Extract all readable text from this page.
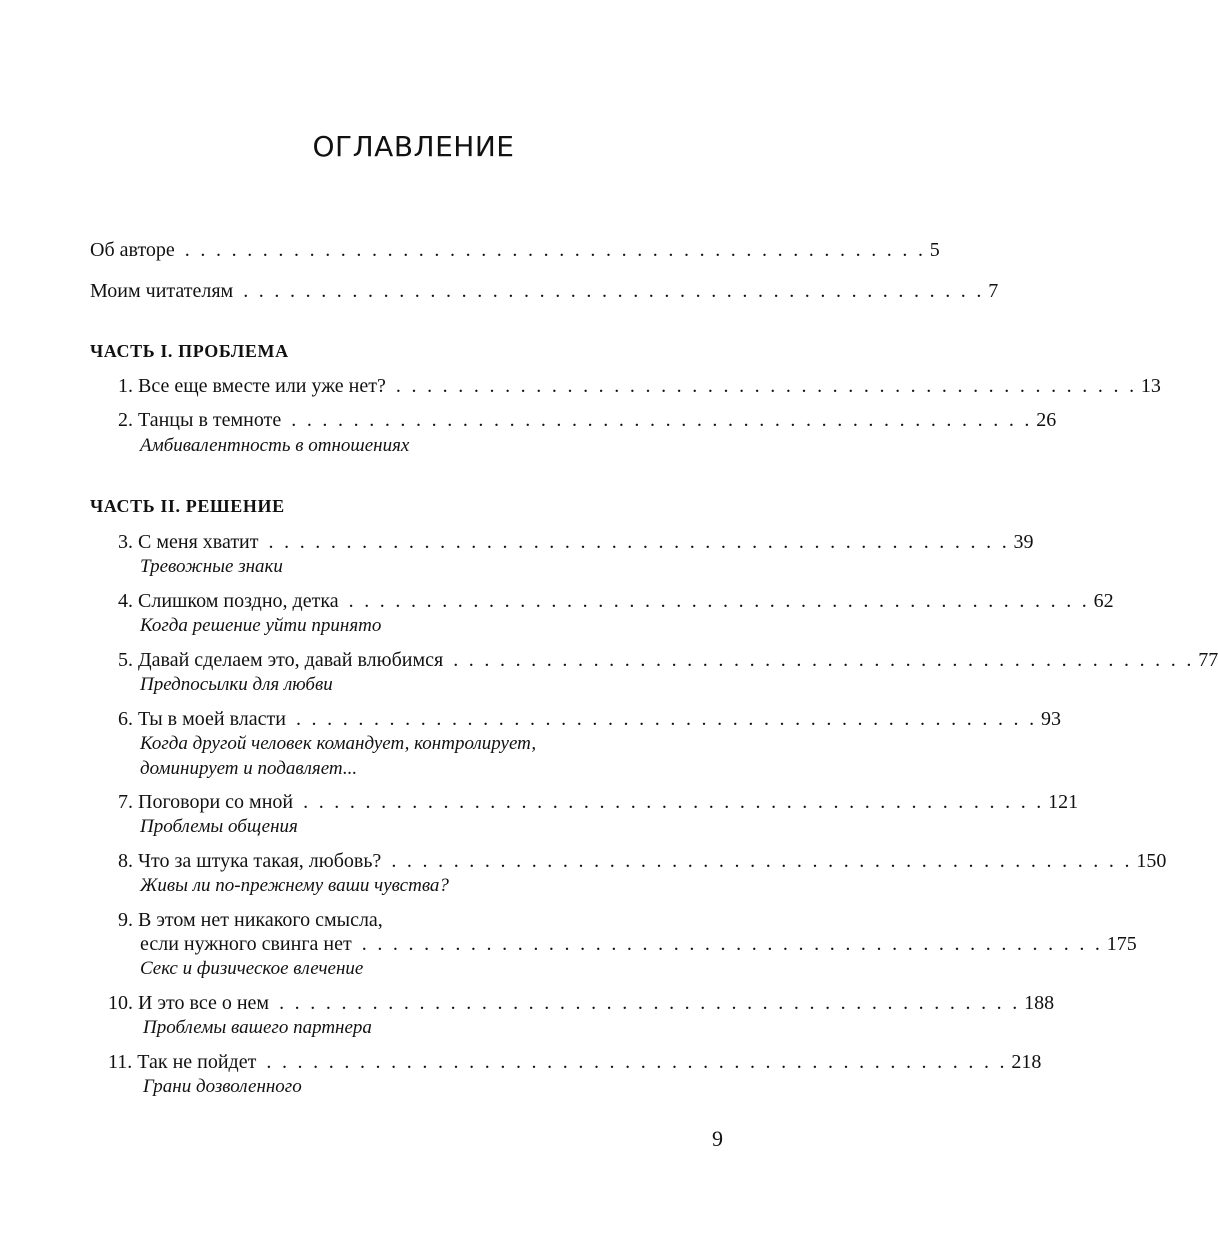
ОГЛАВЛЕНИЕ
Об авторе . . . . . . . . . . . . . . . . . . . . . . . . . . . . . . . . . . . . . . . . . . . . . . . . 5
Моим читателям . . . . . . . . . . . . . . . . . . . . . . . . . . . . . . . . . . . . . . . . . . . . . . . . 7
ЧАСТЬ I. ПРОБЛЕМА
1. Все еще вместе или уже нет? . . . . . . . . . . . . . . . . . . . . . . . . . . . . . . . . . . . . . . . . . . . . . . . . 13
2. Танцы в темноте . . . . . . . . . . . . . . . . . . . . . . . . . . . . . . . . . . . . . . . . . . . . . . . . 26
Амбивалентность в отношениях
ЧАСТЬ II. РЕШЕНИЕ
3. С меня хватит . . . . . . . . . . . . . . . . . . . . . . . . . . . . . . . . . . . . . . . . . . . . . . . . 39
Тревожные знаки
4. Слишком поздно, детка . . . . . . . . . . . . . . . . . . . . . . . . . . . . . . . . . . . . . . . . . . . . . . . . 62
Когда решение уйти принято
5. Давай сделаем это, давай влюбимся . . . . . . . . . . . . . . . . . . . . . . . . . . . . . . . . . . . . . . . . . . . . . . . . 77
Предпосылки для любви
6. Ты в моей власти . . . . . . . . . . . . . . . . . . . . . . . . . . . . . . . . . . . . . . . . . . . . . . . . 93
Когда другой человек командует, контролирует,
доминирует и подавляет...
7. Поговори со мной . . . . . . . . . . . . . . . . . . . . . . . . . . . . . . . . . . . . . . . . . . . . . . . . 121
Проблемы общения
8. Что за штука такая, любовь? . . . . . . . . . . . . . . . . . . . . . . . . . . . . . . . . . . . . . . . . . . . . . . . . 150
Живы ли по-прежнему ваши чувства?
9. В этом нет никакого смысла,
если нужного свинга нет . . . . . . . . . . . . . . . . . . . . . . . . . . . . . . . . . . . . . . . . . . . . . . . . 175
Секс и физическое влечение
10. И это все о нем . . . . . . . . . . . . . . . . . . . . . . . . . . . . . . . . . . . . . . . . . . . . . . . . 188
Проблемы вашего партнера
11. Так не пойдет . . . . . . . . . . . . . . . . . . . . . . . . . . . . . . . . . . . . . . . . . . . . . . . . 218
Грани дозволенного
9
